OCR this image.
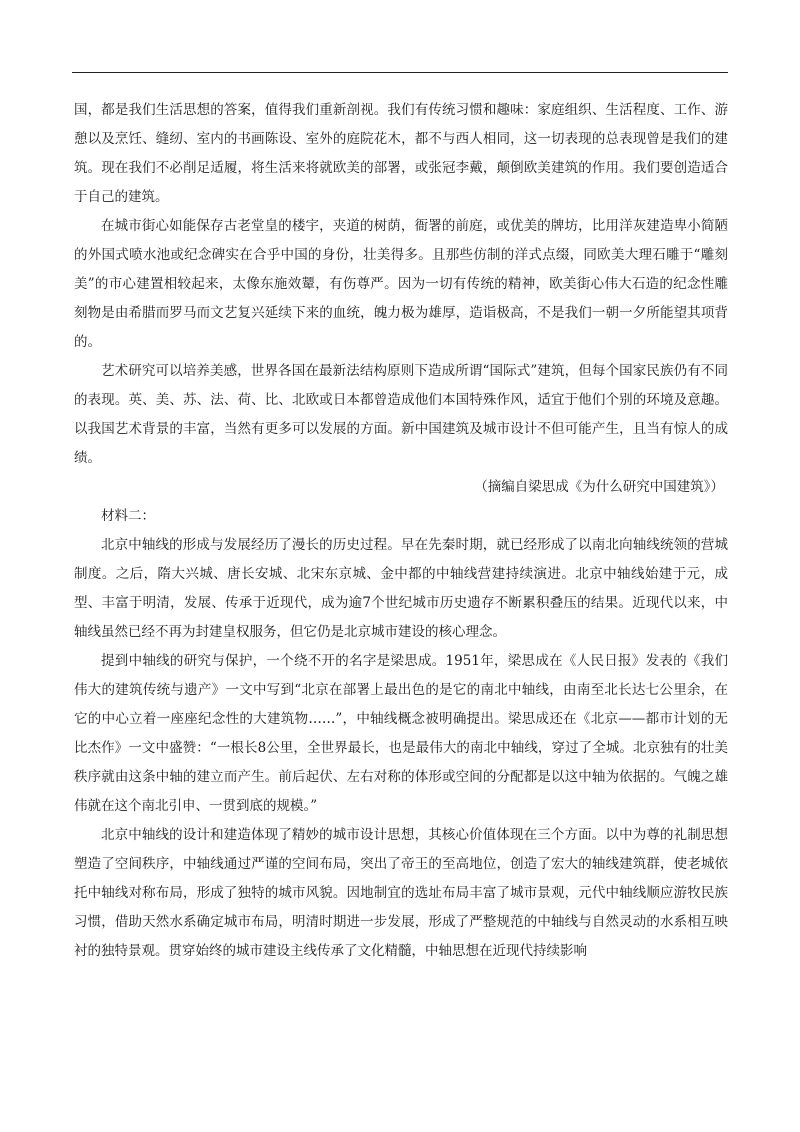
国，都是我们生活思想的答案，值得我们重新剖视。我们有传统习惯和趣味：家庭组织、生活程度、工作、游憩以及烹饪、缝纫、室内的书画陈设、室外的庭院花木，都不与西人相同，这一切表现的总表现曾是我们的建筑。现在我们不必削足适履，将生活来将就欧美的部署，或张冠李戴，颠倒欧美建筑的作用。我们要创造适合于自己的建筑。

在城市街心如能保存古老堂皇的楼宇，夹道的树荫，衙署的前庭，或优美的牌坊，比用洋灰建造卑小简陋的外国式喷水池或纪念碑实在合乎中国的身份，壮美得多。且那些仿制的洋式点缀，同欧美大理石雕于“雕刻美”的市心建置相较起来，太像东施效颦，有伤尊严。因为一切有传统的精神，欧美街心伟大石造的纪念性雕刻物是由希腊而罗马而文艺复兴延续下来的血统，魄力极为雄厚，造诣极高，不是我们一朝一夕所能望其项背的。

艺术研究可以培养美感，世界各国在最新法结构原则下造成所谓“国际式”建筑，但每个国家民族仍有不同的表现。英、美、苏、法、荷、比、北欧或日本都曾造成他们本国特殊作风，适宜于他们个别的环境及意趣。以我国艺术背景的丰富，当然有更多可以发展的方面。新中国建筑及城市设计不但可能产生，且当有惊人的成绩。

（摘编自梁思成《为什么研究中国建筑》）

材料二：

北京中轴线的形成与发展经历了漫长的历史过程。早在先秦时期，就已经形成了以南北向轴线统领的营城制度。之后，隋大兴城、唐长安城、北宋东京城、金中都的中轴线营建持续演进。北京中轴线始建于元，成型、丰富于明清，发展、传承于近现代，成为逾7个世纪城市历史遗存不断累积叠压的结果。近现代以来，中轴线虽然已经不再为封建皇权服务，但它仍是北京城市建设的核心理念。

提到中轴线的研究与保护，一个绕不开的名字是梁思成。1951年，梁思成在《人民日报》发表的《我们伟大的建筑传统与遗产》一文中写到“北京在部署上最出色的是它的南北中轴线，由南至北长达七公里余，在它的中心立着一座座纪念性的大建筑物……”，中轴线概念被明确提出。梁思成还在《北京——都市计划的无比杰作》一文中盛赞：“一根长8公里，全世界最长，也是最伟大的南北中轴线，穿过了全城。北京独有的壮美秩序就由这条中轴的建立而产生。前后起伏、左右对称的体形或空间的分配都是以这中轴为依据的。气魄之雄伟就在这个南北引申、一贯到底的规模。”

北京中轴线的设计和建造体现了精妙的城市设计思想，其核心价值体现在三个方面。以中为尊的礼制思想塑造了空间秩序，中轴线通过严谨的空间布局，突出了帝王的至高地位，创造了宏大的轴线建筑群，使老城依托中轴线对称布局，形成了独特的城市风貌。因地制宜的选址布局丰富了城市景观，元代中轴线顺应游牧民族习惯，借助天然水系确定城市布局，明清时期进一步发展，形成了严整规范的中轴线与自然灵动的水系相互映衬的独特景观。贯穿始终的城市建设主线传承了文化精髓，中轴思想在近现代持续影响
